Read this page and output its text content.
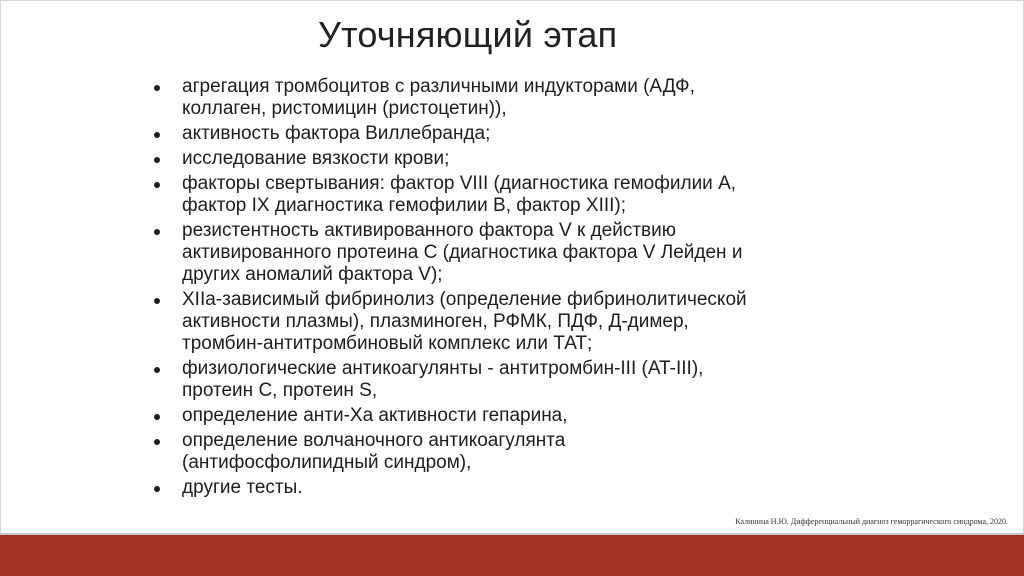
Уточняющий этап
агрегация тромбоцитов с различными индукторами (АДФ,
коллаген, ристомицин (ристоцетин)),
активность фактора Виллебранда;
исследование вязкости крови;
факторы свертывания: фактор VIII (диагностика гемофилии А,
фактор IX диагностика гемофилии В, фактор XIII);
резистентность активированного фактора V к действию
активированного протеина С (диагностика фактора V Лейден и
других аномалий фактора V);
XIIa-зависимый фибринолиз (определение фибринолитической
активности плазмы), плазминоген, РФМК, ПДФ, Д-димер,
тромбин-антитромбиновый комплекс или ТАТ;
физиологические антикоагулянты - антитромбин-III (AT-III),
протеин С, протеин S,
определение анти-Ха активности гепарина,
определение волчаночного антикоагулянта
(антифосфолипидный синдром),
другие тесты.
Калинина Н.Ю. Дифференциальный диагноз геморрагического синдрома, 2020.
